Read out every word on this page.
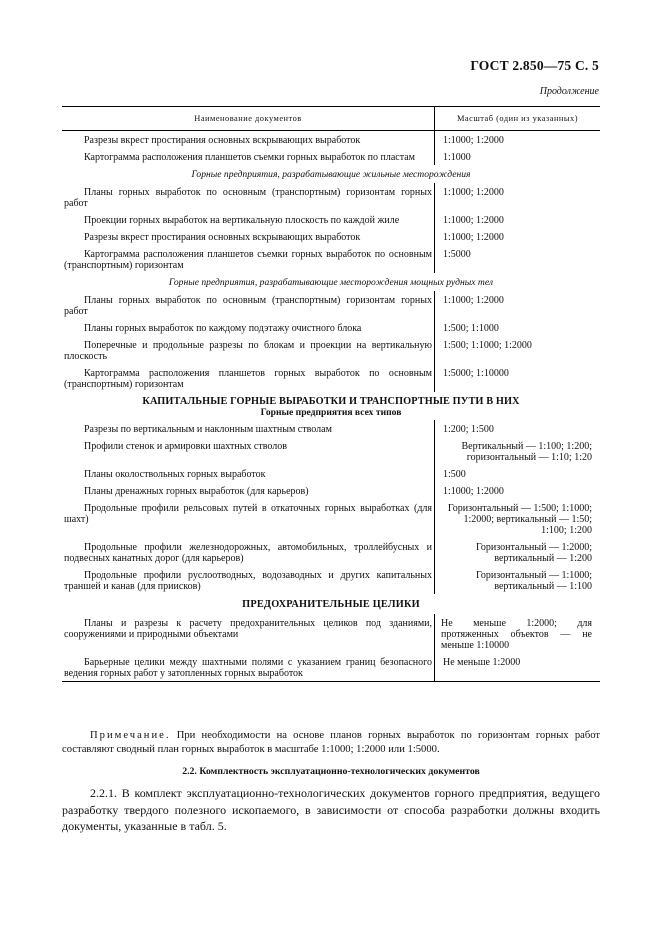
ГОСТ 2.850—75 С. 5
Продолжение
Наименование документов	Масштаб (один из указанных)
Разрезы вкрест простирания основных вскрывающих выработок	1:1000; 1:2000
Картограмма расположения планшетов съемки горных выработок по пластам	1:1000
Горные предприятия, разрабатывающие жильные месторождения	
Планы горных выработок по основным (транспортным) горизонтам горных работ	1:1000; 1:2000
Проекции горных выработок на вертикальную плоскость по каждой жиле	1:1000; 1:2000
Разрезы вкрест простирания основных вскрывающих выработок	1:1000; 1:2000
Картограмма расположения планшетов съемки горных выработок по основным (транспортным) горизонтам	1:5000
Горные предприятия, разрабатывающие месторождения мощных рудных тел	
Планы горных выработок по основным (транспортным) горизонтам горных работ	1:1000; 1:2000
Планы горных выработок по каждому подэтажу очистного блока	1:500; 1:1000
Поперечные и продольные разрезы по блокам и проекции на вертикальную плоскость	1:500; 1:1000; 1:2000
Картограмма расположения планшетов горных выработок по основным (транспортным) горизонтам	1:5000; 1:10000
КАПИТАЛЬНЫЕ ГОРНЫЕ ВЫРАБОТКИ И ТРАНСПОРТНЫЕ ПУТИ В НИХ	
Горные предприятия всех типов	
Разрезы по вертикальным и наклонным шахтным стволам	1:200; 1:500
Профили стенок и армировки шахтных стволов	Вертикальный — 1:100; 1:200; горизонтальный — 1:10; 1:20
Планы околоствольных горных выработок	1:500
Планы дренажных горных выработок (для карьеров)	1:1000; 1:2000
Продольные профили рельсовых путей в откаточных горных выработках (для шахт)	Горизонтальный — 1:500; 1:1000; 1:2000; вертикальный — 1:50; 1:100; 1:200
Продольные профили железнодорожных, автомобильных, троллейбусных и подвесных канатных дорог (для карьеров)	Горизонтальный — 1:2000; вертикальный — 1:200
Продольные профили руслоотводных, водозаводных и других капитальных траншей и канав (для приисков)	Горизонтальный — 1:1000; вертикальный — 1:100
ПРЕДОХРАНИТЕЛЬНЫЕ ЦЕЛИКИ	
Планы и разрезы к расчету предохранительных целиков под зданиями, сооружениями и природными объектами	Не меньше 1:2000; для протяженных объектов — не меньше 1:10000
Барьерные целики между шахтными полями с указанием границ безопасного ведения горных работ у затопленных горных выработок	Не меньше 1:2000
Примечание. При необходимости на основе планов горных выработок по горизонтам горных работ составляют сводный план горных выработок в масштабе 1:1000; 1:2000 или 1:5000.
2.2. Комплектность эксплуатационно-технологических документов
2.2.1. В комплект эксплуатационно-технологических документов горного предприятия, ведущего разработку твердого полезного ископаемого, в зависимости от способа разработки должны входить документы, указанные в табл. 5.
